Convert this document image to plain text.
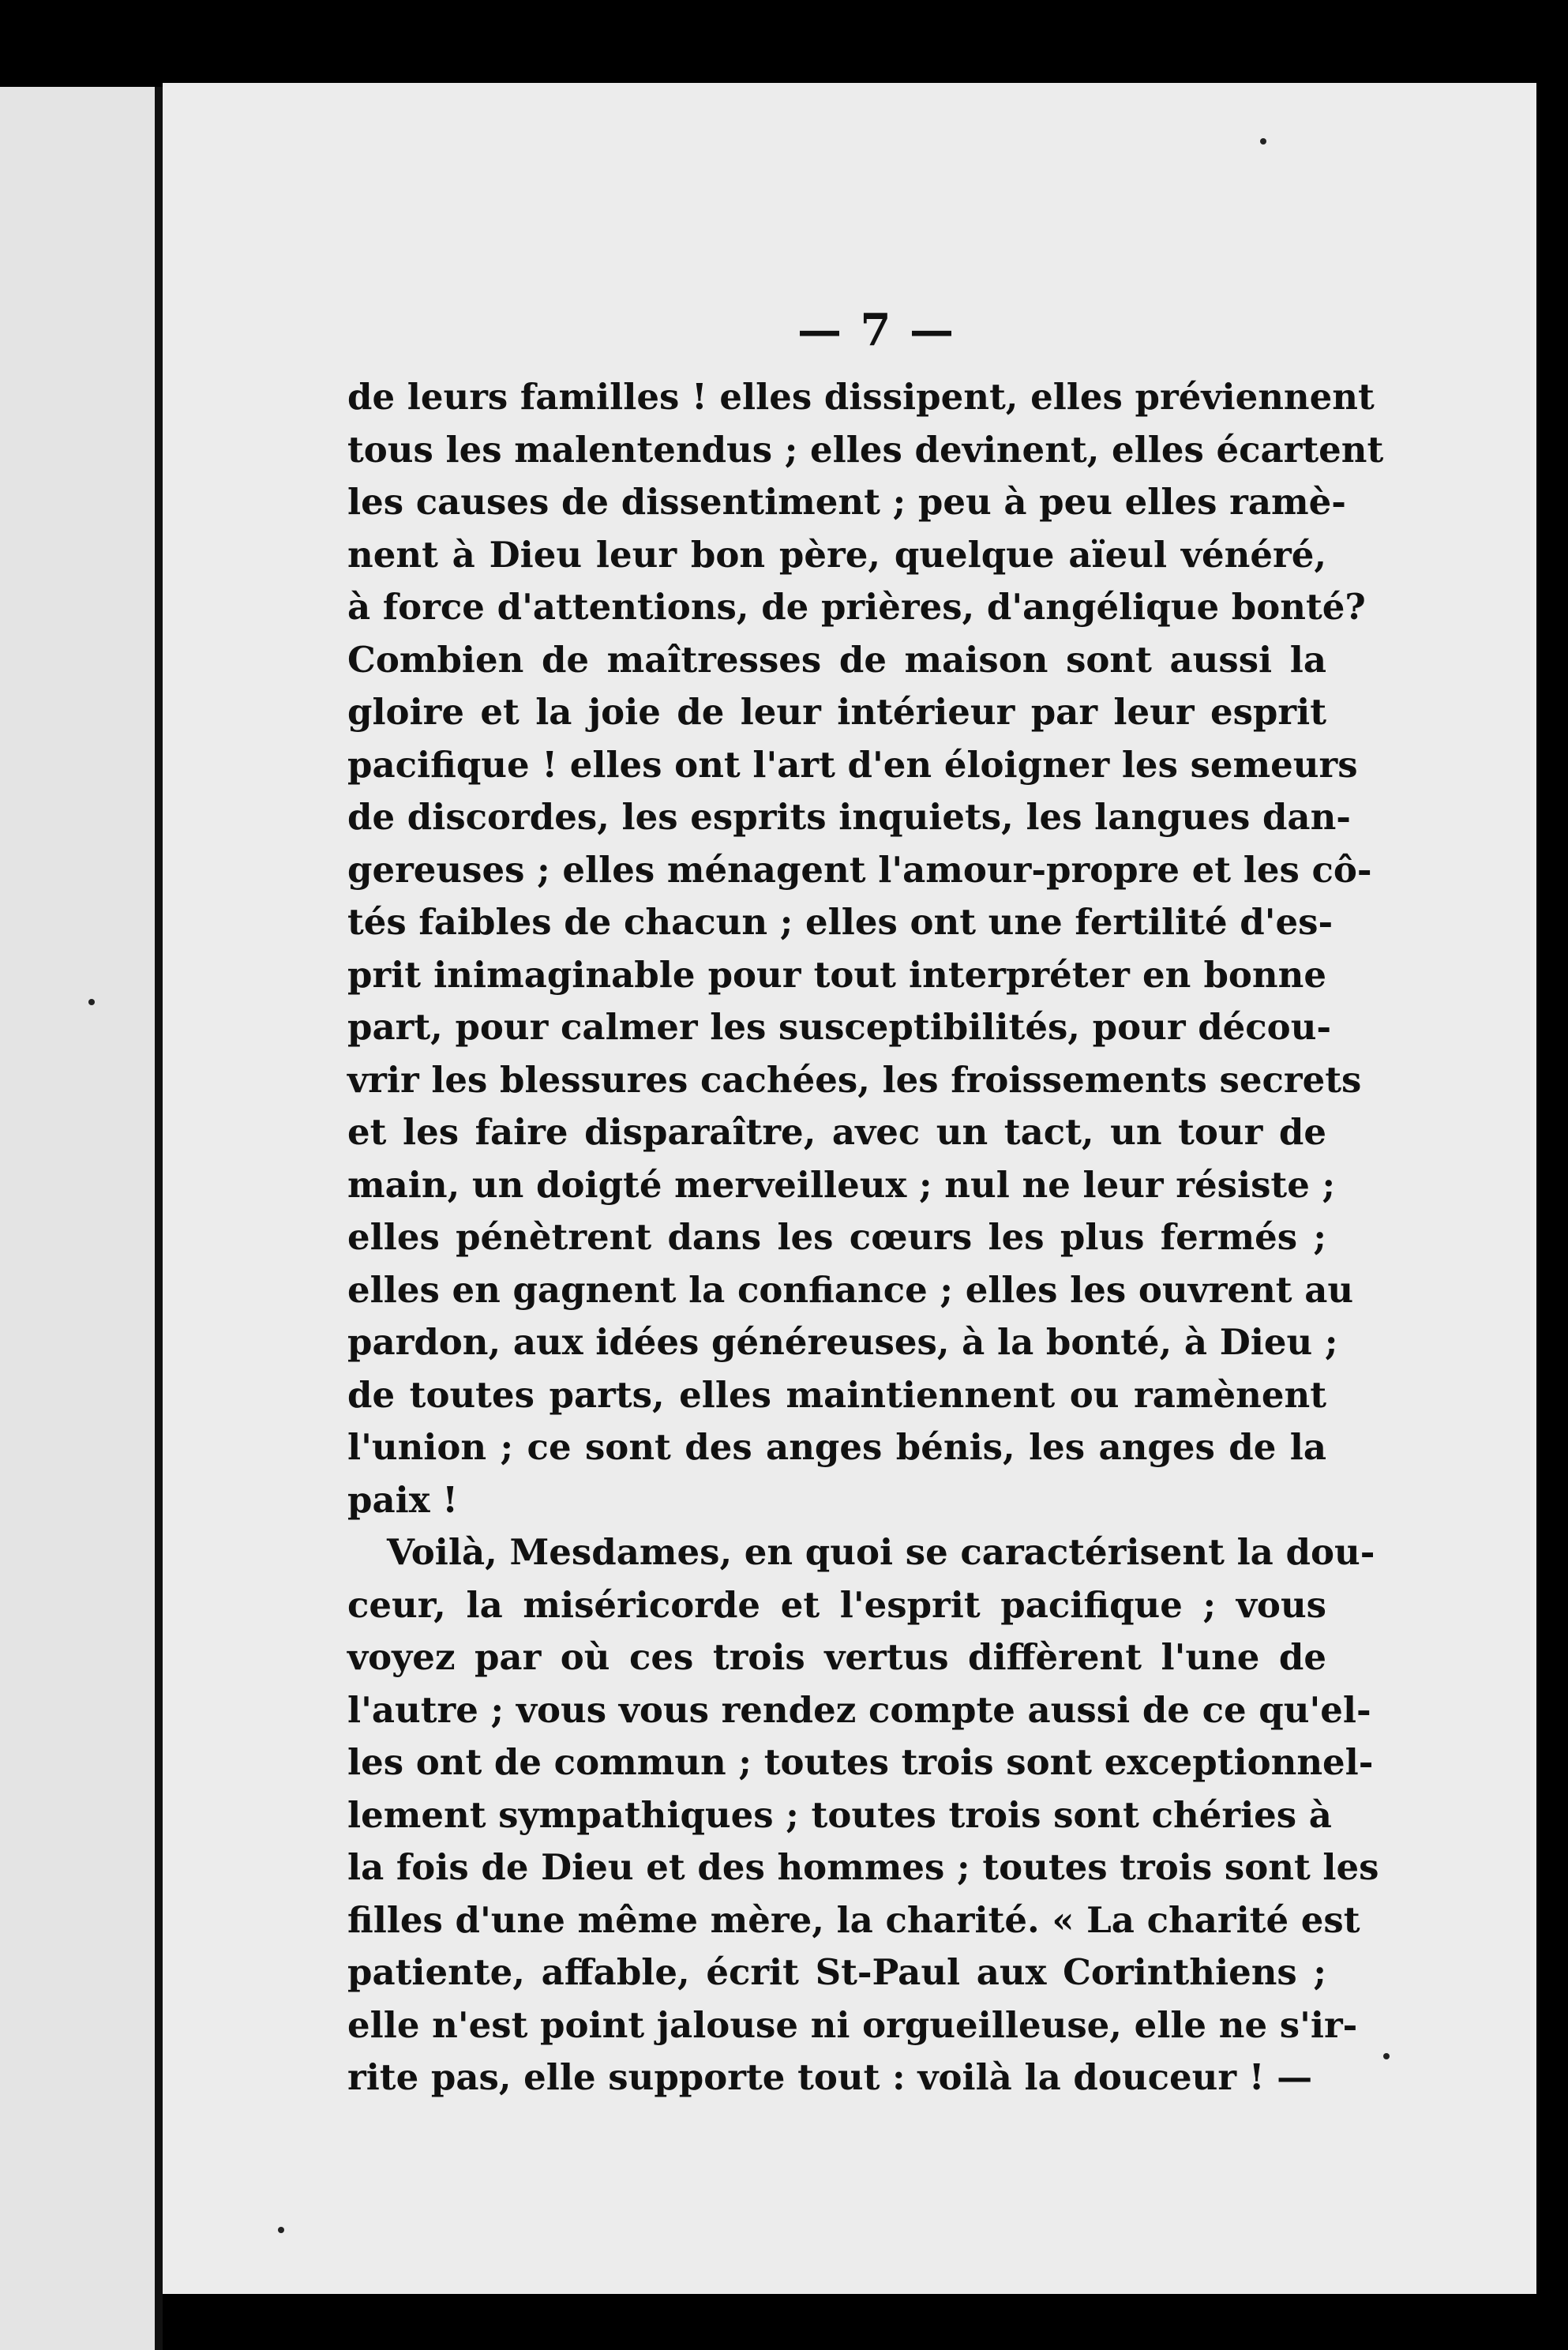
— 7 —
de leurs familles ! elles dissipent, elles préviennent
tous les malentendus ; elles devinent, elles écartent
les causes de dissentiment ; peu à peu elles ramè-
nent à Dieu leur bon père, quelque aïeul vénéré,
à force d'attentions, de prières, d'angélique bonté?
Combien de maîtresses de maison sont aussi la
gloire et la joie de leur intérieur par leur esprit
pacifique ! elles ont l'art d'en éloigner les semeurs
de discordes, les esprits inquiets, les langues dan-
gereuses ; elles ménagent l'amour-propre et les cô-
tés faibles de chacun ; elles ont une fertilité d'es-
prit inimaginable pour tout interpréter en bonne
part, pour calmer les susceptibilités, pour décou-
vrir les blessures cachées, les froissements secrets
et les faire disparaître, avec un tact, un tour de
main, un doigté merveilleux ; nul ne leur résiste ;
elles pénètrent dans les cœurs les plus fermés ;
elles en gagnent la confiance ; elles les ouvrent au
pardon, aux idées généreuses, à la bonté, à Dieu ;
de toutes parts, elles maintiennent ou ramènent
l'union ; ce sont des anges bénis, les anges de la
paix !
Voilà, Mesdames, en quoi se caractérisent la dou-
ceur, la miséricorde et l'esprit pacifique ; vous
voyez par où ces trois vertus diffèrent l'une de
l'autre ; vous vous rendez compte aussi de ce qu'el-
les ont de commun ; toutes trois sont exceptionnel-
lement sympathiques ; toutes trois sont chéries à
la fois de Dieu et des hommes ; toutes trois sont les
filles d'une même mère, la charité. « La charité est
patiente, affable, écrit St-Paul aux Corinthiens ;
elle n'est point jalouse ni orgueilleuse, elle ne s'ir-
rite pas, elle supporte tout : voilà la douceur ! —
